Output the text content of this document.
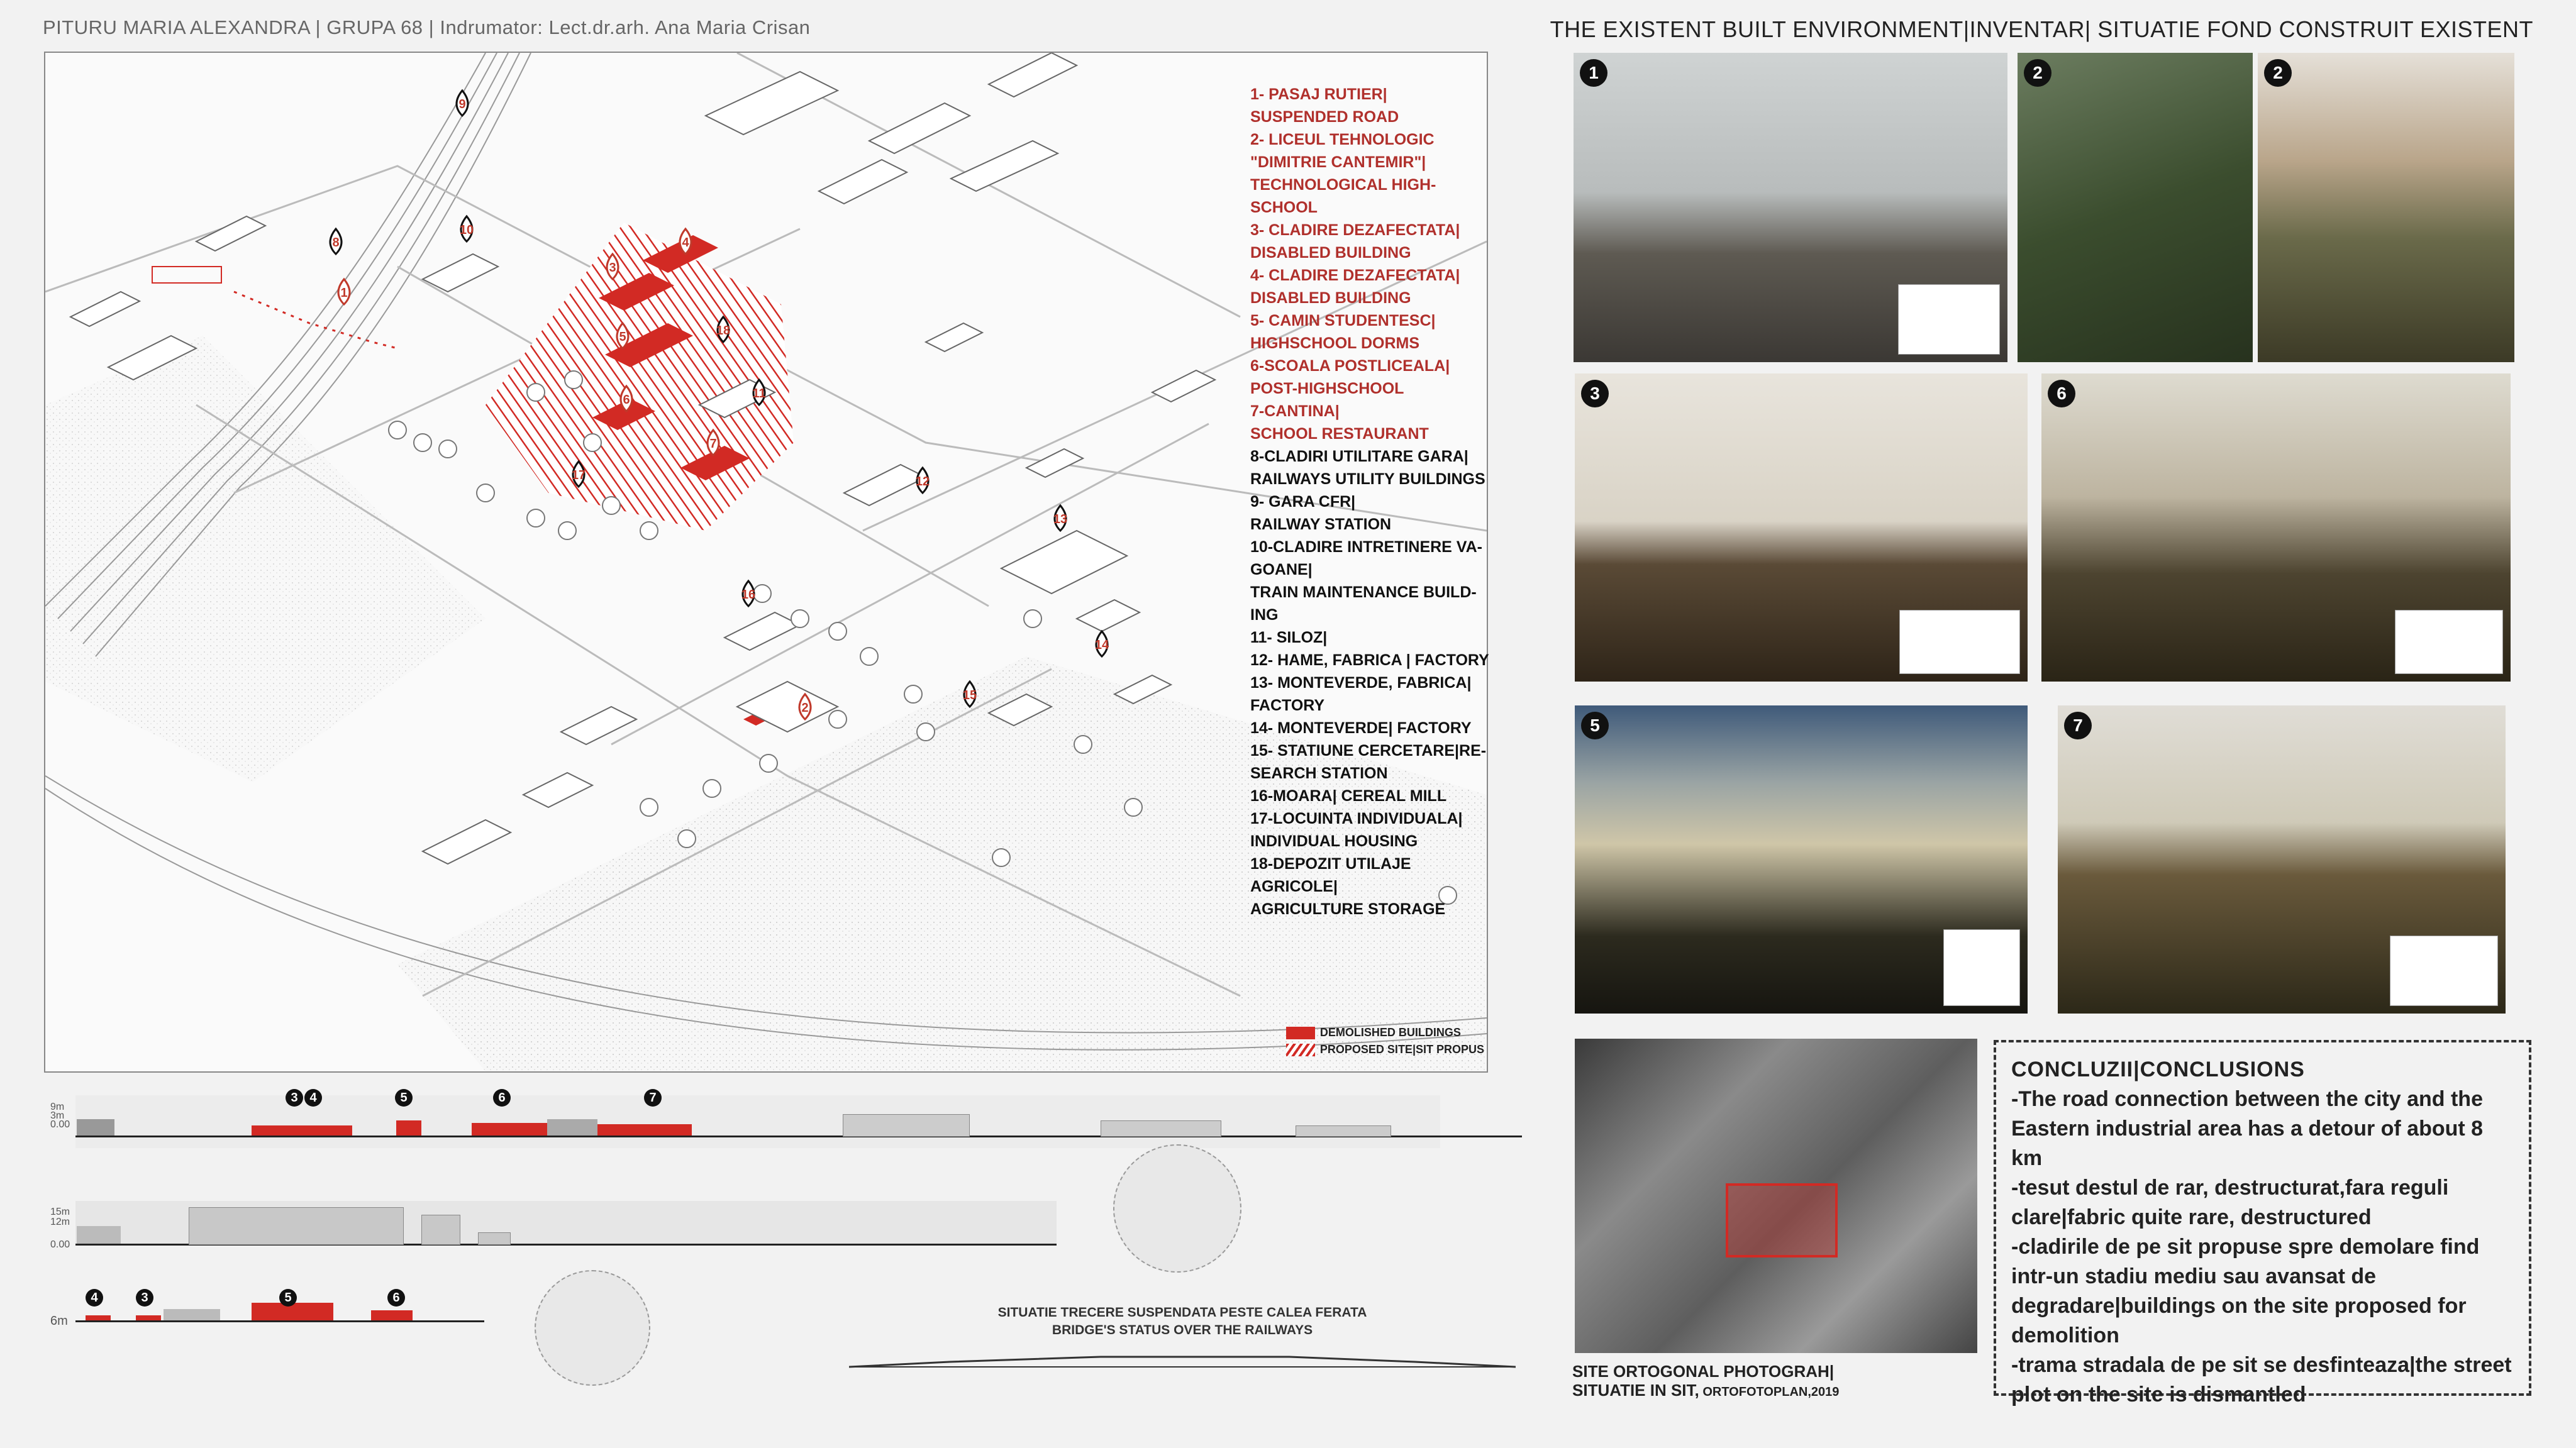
PITURU MARIA ALEXANDRA | GRUPA 68 | Indrumator: Lect.dr.arh. Ana Maria Crisan	THE EXISTENT BUILT ENVIRONMENT|INVENTAR| SITUATIE FOND CONSTRUIT EXISTENT
1
2
3
4
5
6
7
8
9
10
11
12
13
14
15
16
17
18
DEMOLISHED BUILDINGS
PROPOSED SITE|SIT PROPUS
1- PASAJ RUTIER|
SUSPENDED ROAD
2- LICEUL TEHNOLOGIC
"DIMITRIE CANTEMIR"|
TECHNOLOGICAL HIGH-
SCHOOL
3- CLADIRE DEZAFECTATA|
DISABLED BUILDING
4- CLADIRE DEZAFECTATA|
DISABLED BUILDING
5- CAMIN STUDENTESC|
HIGHSCHOOL DORMS
6-SCOALA POSTLICEALA|
POST-HIGHSCHOOL
7-CANTINA|
SCHOOL RESTAURANT
8-CLADIRI UTILITARE GARA|
RAILWAYS UTILITY BUILDINGS
9- GARA CFR|
RAILWAY STATION
10-CLADIRE INTRETINERE VA-
GOANE|
TRAIN MAINTENANCE BUILD-
ING
11- SILOZ|
12- HAME, FABRICA | FACTORY
13- MONTEVERDE, FABRICA|
FACTORY
14- MONTEVERDE| FACTORY
15- STATIUNE CERCETARE|RE-
SEARCH STATION
16-MOARA| CEREAL MILL
17-LOCUINTA INDIVIDUALA|
INDIVIDUAL HOUSING
18-DEPOZIT UTILAJE AGRICOLE|
AGRICULTURE STORAGE
1	2	2
3	6
5	7
SITE ORTOGONAL PHOTOGRAH|
SITUATIE IN SIT, ORTOFOTOPLAN,2019
CONCLUZII|CONCLUSIONS
-The road connection between the city and the Eastern industrial area has a detour of about 8 km
-tesut destul de rar, destructurat,fara reguli clare|fabric quite rare, destructured
-cladirile de pe sit propuse spre demolare find intr-un stadiu mediu sau avansat de degradare|buildings on the site proposed for demolition
-trama stradala de pe sit se desfinteaza|the street plot on the site is dismantled
9m
3m
0.00
3 4	5	6	7
15m
12m
0.00
6m
4	3	5	6
SITUATIE TRECERE SUSPENDATA PESTE CALEA FERATA
BRIDGE'S STATUS OVER THE RAILWAYS
